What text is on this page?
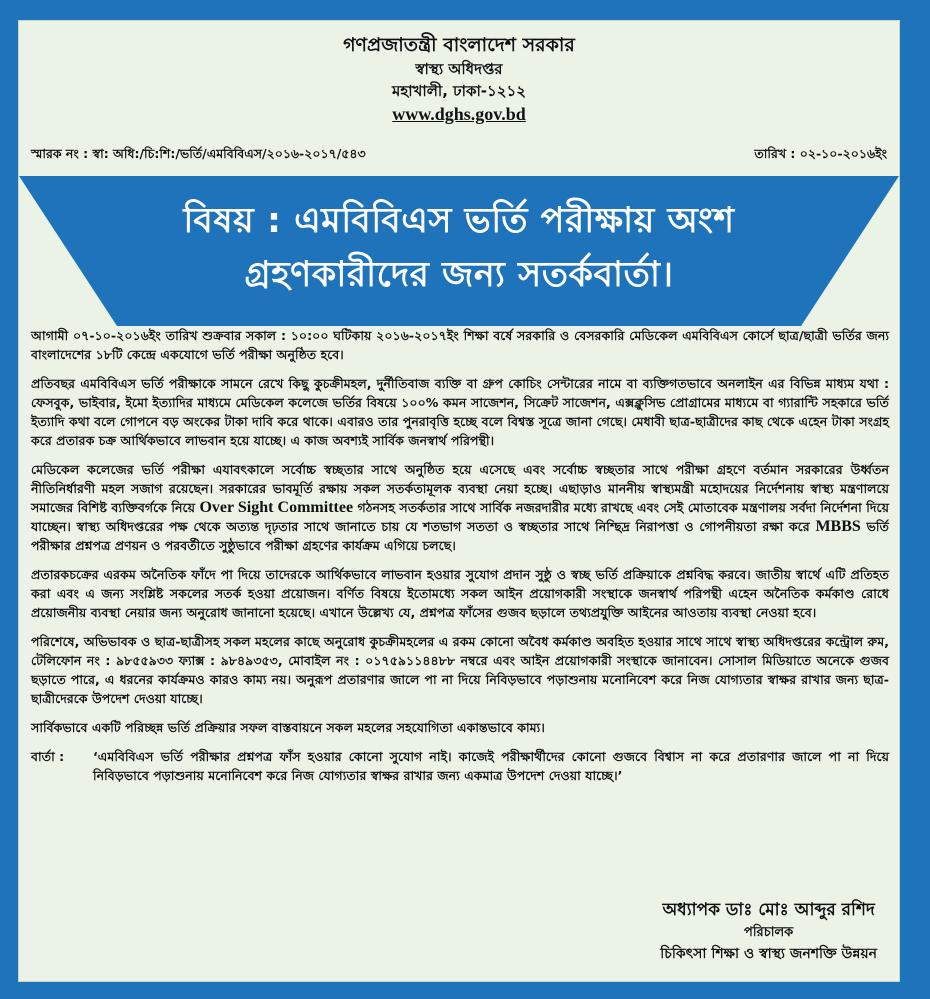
গণপ্রজাতন্ত্রী বাংলাদেশ সরকার
স্বাস্থ্য অধিদপ্তর
মহাখালী, ঢাকা-১২১২
www.dghs.gov.bd
স্মারক নং : স্বা: অধি:/চি:শি:/ভর্তি/এমবিবিএস/২০১৬-২০১৭/৫৪৩	তারিখ : ০২-১০-২০১৬ইং
বিষয় : এমবিবিএস ভর্তি পরীক্ষায় অংশ
গ্রহণকারীদের জন্য সতর্কবার্তা।

আগামী ০৭-১০-২০১৬ইং তারিখ শুক্রবার সকাল : ১০:০০ ঘটিকায় ২০১৬-২০১৭ইং শিক্ষা বর্ষে সরকারি ও বেসরকারি মেডিকেল এমবিবিএস কোর্সে ছাত্র/ছাত্রী ভর্তির জন্য বাংলাদেশের ১৮টি কেন্দ্রে একযোগে ভর্তি পরীক্ষা অনুষ্ঠিত হবে।

প্রতিবছর এমবিবিএস ভর্তি পরীক্ষাকে সামনে রেখে কিছু কুচক্রীমহল, দুর্নীতিবাজ ব্যক্তি বা গ্রুপ কোচিং সেন্টারের নামে বা ব্যক্তিগতভাবে অনলাইন এর বিভিন্ন মাধ্যম যথা : ফেসবুক, ভাইবার, ইমো ইত্যাদির মাধ্যমে মেডিকেল কলেজে ভর্তির বিষয়ে ১০০% কমন সাজেশন, সিক্রেট সাজেশন, এক্সক্লুসিভ প্রোগ্রামের মাধ্যমে বা গ্যারান্টি সহকারে ভর্তি ইত্যাদি কথা বলে গোপনে বড় অংকের টাকা দাবি করে থাকে। এবারও তার পুনরাবৃত্তি হচ্ছে বলে বিশ্বস্ত সূত্রে জানা গেছে। মেধাবী ছাত্র-ছাত্রীদের কাছ থেকে এহেন টাকা সংগ্রহ করে প্রতারক চক্র আর্থিকভাবে লাভবান হয়ে যাচ্ছে। এ কাজ অবশ্যই সার্বিক জনস্বার্থ পরিপন্থী।

মেডিকেল কলেজের ভর্তি পরীক্ষা এযাবৎকালে সর্বোচ্চ স্বচ্ছতার সাথে অনুষ্ঠিত হয়ে এসেছে এবং সর্বোচ্চ স্বচ্ছতার সাথে পরীক্ষা গ্রহণে বর্তমান সরকারের উর্ধ্বতন নীতিনির্ধারণী মহল সজাগ রয়েছেন। সরকারের ভাবমূর্তি রক্ষায় সকল সতর্কতামূলক ব্যবস্থা নেয়া হচ্ছে। এছাড়াও মাননীয় স্বাস্থ্যমন্ত্রী মহোদয়ের নির্দেশনায় স্বাস্থ্য মন্ত্রণালয়ে সমাজের বিশিষ্ট ব্যক্তিবর্গকে নিয়ে Over Sight Committee গঠনসহ সতর্কতার সাথে সার্বিক নজরদারীর মধ্যে রাখছে এবং সেই মোতাবেক মন্ত্রণালয় সর্বদা নির্দেশনা দিয়ে যাচ্ছেন। স্বাস্থ্য অধিদপ্তরের পক্ষ থেকে অত্যন্ত দৃঢ়তার সাথে জানাতে চায় যে শতভাগ সততা ও স্বচ্ছতার সাথে নিশ্ছিদ্র নিরাপত্তা ও গোপনীয়তা রক্ষা করে MBBS ভর্তি পরীক্ষার প্রশ্নপত্র প্রণয়ন ও পরবর্তীতে সুষ্ঠুভাবে পরীক্ষা গ্রহণের কার্যক্রম এগিয়ে চলছে।

প্রতারকচক্রের এরকম অনৈতিক ফাঁদে পা দিয়ে তাদেরকে আর্থিকভাবে লাভবান হওয়ার সুযোগ প্রদান সুষ্ঠু ও স্বচ্ছ ভর্তি প্রক্রিয়াকে প্রশ্নবিদ্ধ করবে। জাতীয় স্বার্থে এটি প্রতিহত করা এবং এ জন্য সংশ্লিষ্ট সকলের সতর্ক হওয়া প্রয়োজন। বর্ণিত বিষয়ে ইতোমধ্যে সকল আইন প্রয়োগকারী সংস্থাকে জনস্বার্থ পরিপন্থী এহেন অনৈতিক কর্মকাণ্ড রোধে প্রয়োজনীয় ব্যবস্থা নেয়ার জন্য অনুরোধ জানানো হয়েছে। এখানে উল্লেখ্য যে, প্রশ্নপত্র ফাঁসের গুজব ছড়ালে তথ্যপ্রযুক্তি আইনের আওতায় ব্যবস্থা নেওয়া হবে।

পরিশেষে, অভিভাবক ও ছাত্র-ছাত্রীসহ সকল মহলের কাছে অনুরোধ কুচক্রীমহলের এ রকম কোনো অবৈধ কর্মকাণ্ড অবহিত হওয়ার সাথে সাথে স্বাস্থ্য অধিদপ্তরের কন্ট্রোল রুম, টেলিফোন নং : ৯৮৫৫৯৩৩ ফ্যাক্স : ৯৮৪৯৩৫৩, মোবাইল নং : ০১৭৫৯১১৪৪৮৮ নম্বরে এবং আইন প্রয়োগকারী সংস্থাকে জানাবেন। সোসাল মিডিয়াতে অনেকে গুজব ছড়াতে পারে, এ ধরনের কার্যক্রমও কারও কাম্য নয়। অনুরূপ প্রতারণার জালে পা না দিয়ে নিবিড়ভাবে পড়াশুনায় মনোনিবেশ করে নিজ যোগ্যতার স্বাক্ষর রাখার জন্য ছাত্র-ছাত্রীদেরকে উপদেশ দেওয়া যাচ্ছে।

সার্বিকভাবে একটি পরিচ্ছন্ন ভর্তি প্রক্রিয়ার সফল বাস্তবায়নে সকল মহলের সহযোগিতা একান্তভাবে কাম্য।

বার্তা :	‘এমবিবিএস ভর্তি পরীক্ষার প্রশ্নপত্র ফাঁস হওয়ার কোনো সুযোগ নাই। কাজেই পরীক্ষার্থীদের কোনো গুজবে বিশ্বাস না করে প্রতারণার জালে পা না দিয়ে নিবিড়ভাবে পড়াশুনায় মনোনিবেশ করে নিজ যোগ্যতার স্বাক্ষর রাখার জন্য একমাত্র উপদেশ দেওয়া যাচ্ছে।’
অধ্যাপক ডাঃ মোঃ আব্দুর রশিদ
পরিচালক
চিকিৎসা শিক্ষা ও স্বাস্থ্য জনশক্তি উন্নয়ন
